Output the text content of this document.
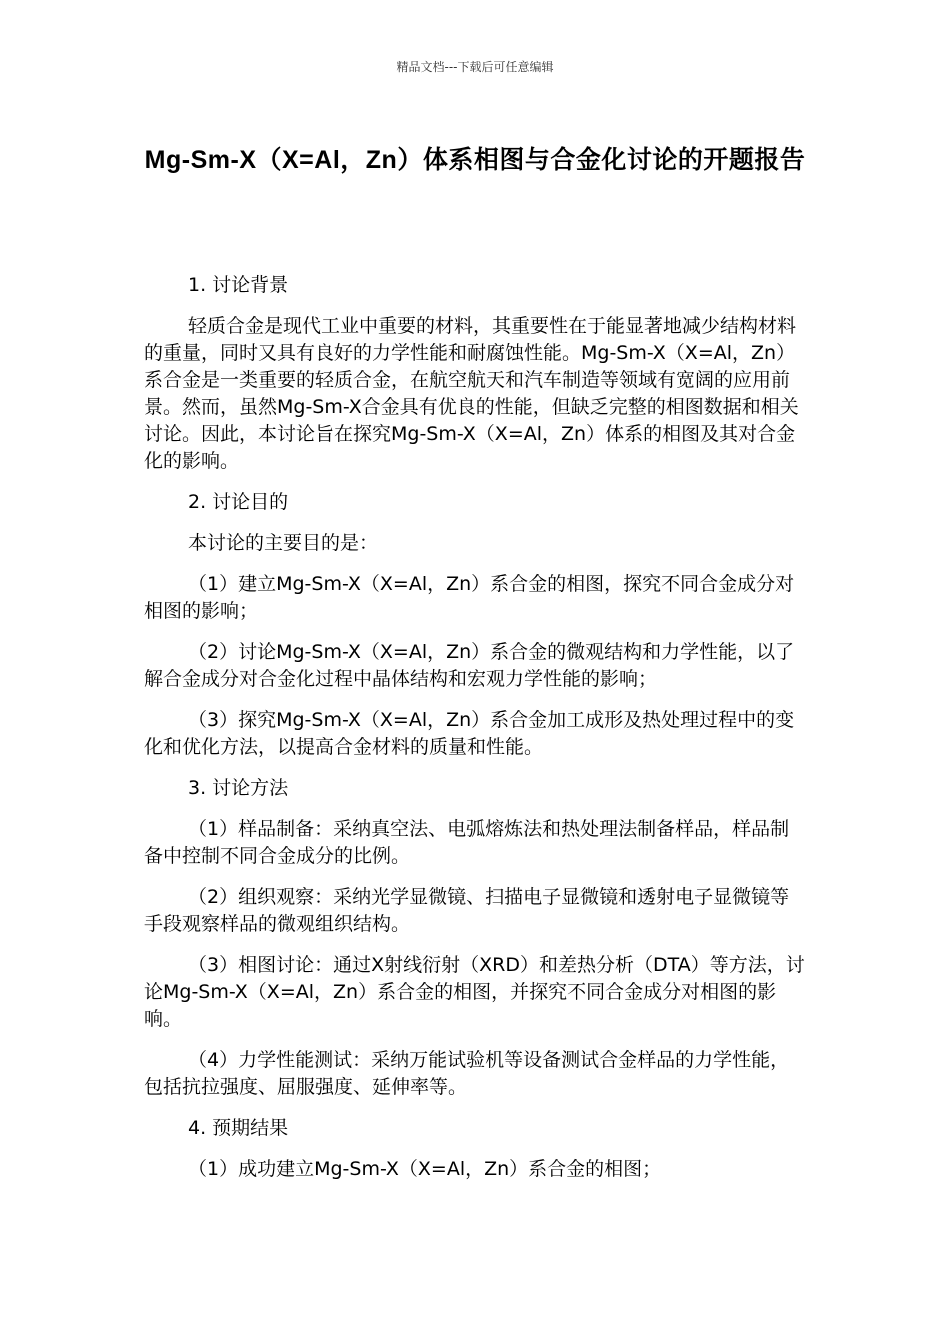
精品文档---下载后可任意编辑
Mg-Sm-X（X=Al，Zn）体系相图与合金化讨论的开题报告

1. 讨论背景

轻质合金是现代工业中重要的材料，其重要性在于能显著地减少结构材料的重量，同时又具有良好的力学性能和耐腐蚀性能。Mg-Sm-X（X=Al，Zn）系合金是一类重要的轻质合金，在航空航天和汽车制造等领域有宽阔的应用前景。然而，虽然Mg-Sm-X合金具有优良的性能，但缺乏完整的相图数据和相关讨论。因此，本讨论旨在探究Mg-Sm-X（X=Al，Zn）体系的相图及其对合金化的影响。

2. 讨论目的

本讨论的主要目的是：

（1）建立Mg-Sm-X（X=Al，Zn）系合金的相图，探究不同合金成分对相图的影响；

（2）讨论Mg-Sm-X（X=Al，Zn）系合金的微观结构和力学性能，以了解合金成分对合金化过程中晶体结构和宏观力学性能的影响；

（3）探究Mg-Sm-X（X=Al，Zn）系合金加工成形及热处理过程中的变化和优化方法，以提高合金材料的质量和性能。

3. 讨论方法

（1）样品制备：采纳真空法、电弧熔炼法和热处理法制备样品，样品制备中控制不同合金成分的比例。

（2）组织观察：采纳光学显微镜、扫描电子显微镜和透射电子显微镜等手段观察样品的微观组织结构。

（3）相图讨论：通过X射线衍射（XRD）和差热分析（DTA）等方法，讨论Mg-Sm-X（X=Al，Zn）系合金的相图，并探究不同合金成分对相图的影响。

（4）力学性能测试：采纳万能试验机等设备测试合金样品的力学性能，包括抗拉强度、屈服强度、延伸率等。

4. 预期结果

（1）成功建立Mg-Sm-X（X=Al，Zn）系合金的相图；
